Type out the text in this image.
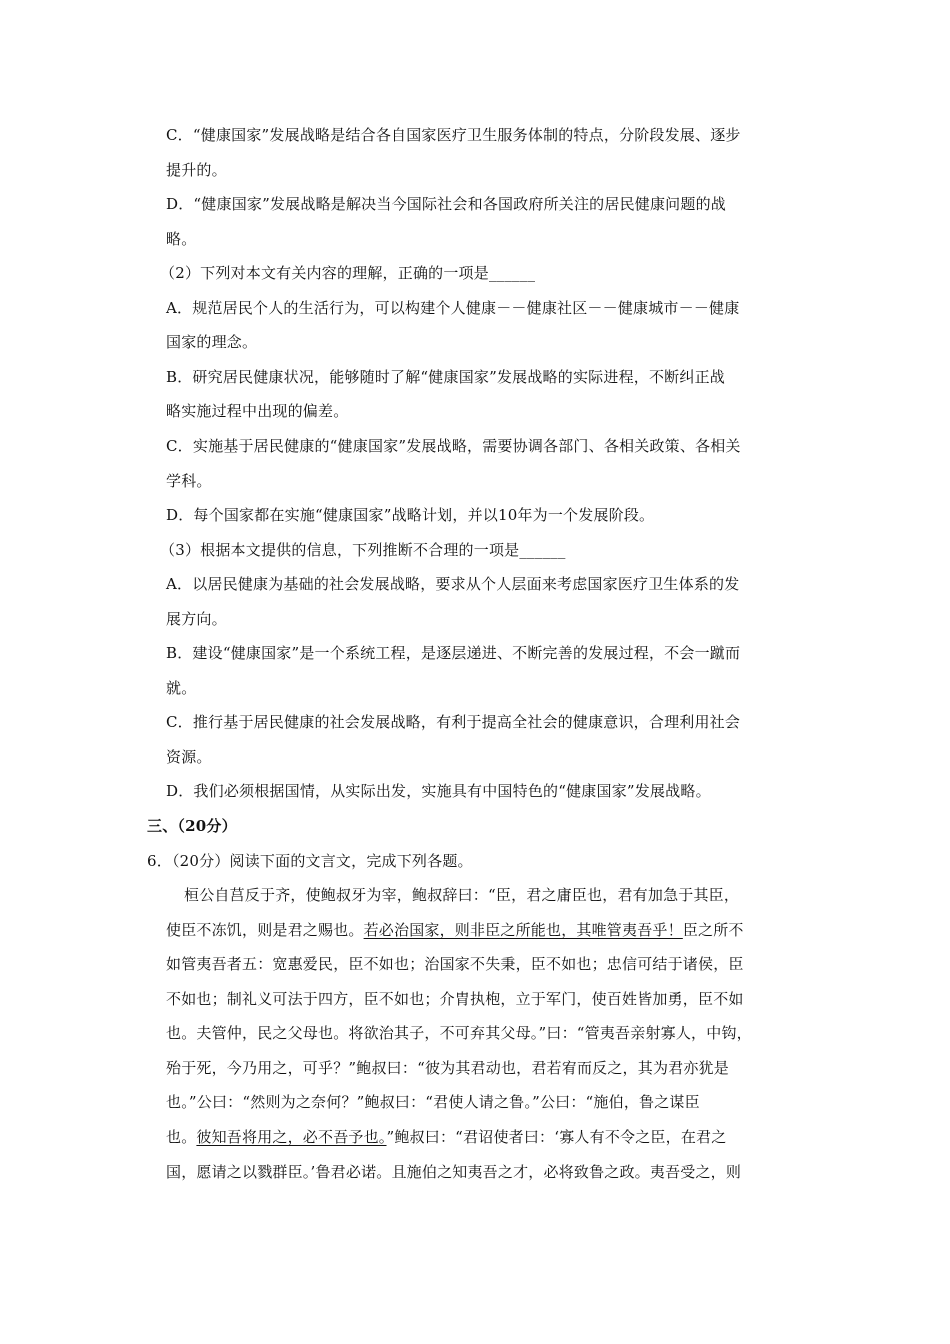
C．“健康国家”发展战略是结合各自国家医疗卫生服务体制的特点，分阶段发展、逐步
提升的。
D．“健康国家”发展战略是解决当今国际社会和各国政府所关注的居民健康问题的战
略。
（2）下列对本文有关内容的理解，正确的一项是______
A．规范居民个人的生活行为，可以构建个人健康－－健康社区－－健康城市－－健康
国家的理念。
B．研究居民健康状况，能够随时了解“健康国家”发展战略的实际进程，不断纠正战
略实施过程中出现的偏差。
C．实施基于居民健康的“健康国家”发展战略，需要协调各部门、各相关政策、各相关
学科。
D．每个国家都在实施“健康国家”战略计划，并以10年为一个发展阶段。
（3）根据本文提供的信息，下列推断不合理的一项是______
A．以居民健康为基础的社会发展战略，要求从个人层面来考虑国家医疗卫生体系的发
展方向。
B．建设“健康国家”是一个系统工程，是逐层递进、不断完善的发展过程，不会一蹴而
就。
C．推行基于居民健康的社会发展战略，有利于提高全社会的健康意识，合理利用社会
资源。
D．我们必须根据国情，从实际出发，实施具有中国特色的“健康国家”发展战略。
三、（20分）
6．（20分）阅读下面的文言文，完成下列各题。
桓公自莒反于齐，使鲍叔牙为宰，鲍叔辞曰：“臣，君之庸臣也，君有加急于其臣，
使臣不冻饥，则是君之赐也。若必治国家，则非臣之所能也，其唯管夷吾乎！臣之所不
如管夷吾者五：宽惠爱民，臣不如也；治国家不失秉，臣不如也；忠信可结于诸侯，臣
不如也；制礼义可法于四方，臣不如也；介胄执枹，立于军门，使百姓皆加勇，臣不如
也。夫管仲，民之父母也。将欲治其子，不可弃其父母。”曰：“管夷吾亲射寡人，中钩，
殆于死，今乃用之，可乎？”鲍叔曰：“彼为其君动也，君若宥而反之，其为君亦犹是
也。”公曰：“然则为之奈何？”鲍叔曰：“君使人请之鲁。”公曰：“施伯，鲁之谋臣
也。彼知吾将用之，必不吾予也。”鲍叔曰：“君诏使者曰：‘寡人有不令之臣，在君之
国，愿请之以戮群臣。’鲁君必诺。且施伯之知夷吾之才，必将致鲁之政。夷吾受之，则
